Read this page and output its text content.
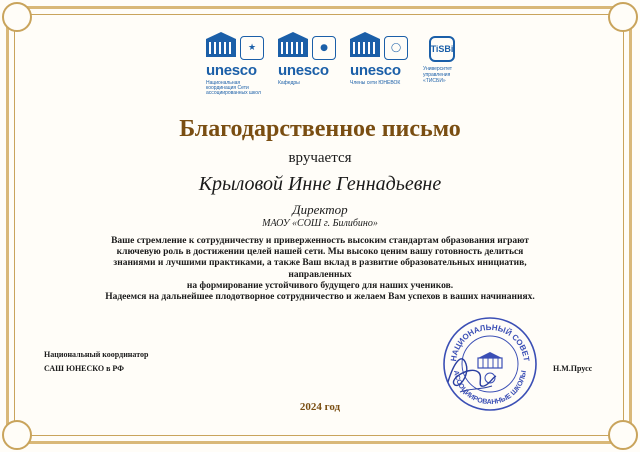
★
unesco
Национальная координация Сети ассоциированных школ
●
unesco
Кафедры
◯
unesco
Члены сети ЮНЕВОК
TiSBi
Университет управления «ТИСБИ»
Благодарственное письмо
вручается
Крыловой Инне Геннадьевне
Директор
МАОУ «СОШ г. Билибино»
Ваше стремление к сотрудничеству и приверженность высоким стандартам образования играют
ключевую роль в достижении целей нашей сети. Мы высоко ценим вашу готовность делиться
знаниями и лучшими практиками, а также Ваш вклад в развитие образовательных инициатив,
направленных
на формирование устойчивого будущего для наших учеников.
Надеемся на дальнейшее плодотворное сотрудничество и желаем Вам успехов в ваших начинаниях.
Национальный координатор
САШ ЮНЕСКО в РФ
НАЦИОНАЛЬНЫЙ СОВЕТ
АССОЦИИРОВАННЫЕ ШКОЛЫ
Н.М.Прусс
2024 год
